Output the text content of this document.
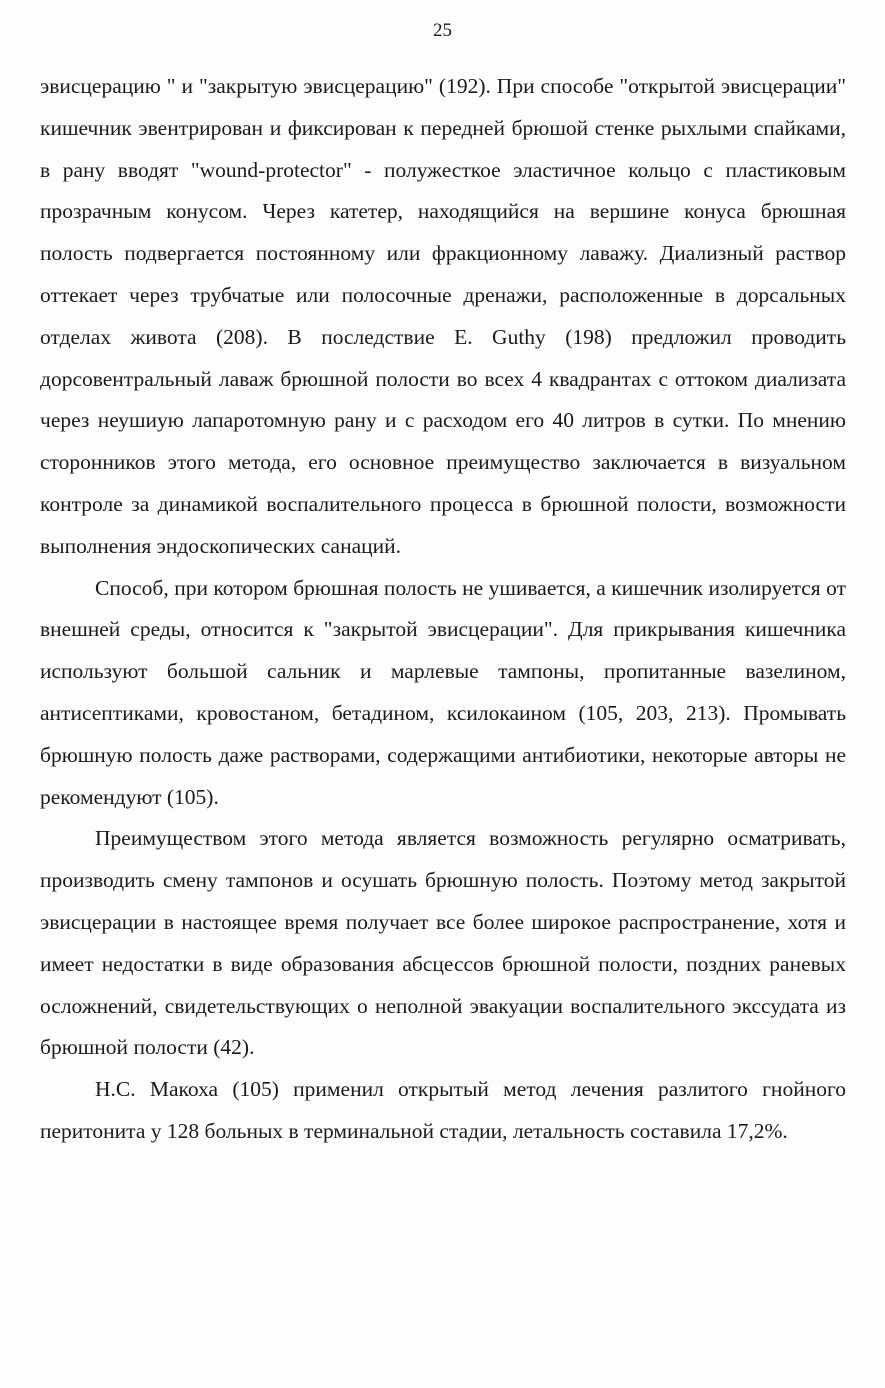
25

эвисцерацию " и "закрытую эвисцерацию" (192). При способе "открытой эвисцерации" кишечник эвентрирован и фиксирован к передней брюшой стенке рыхлыми спайками, в рану вводят "wound-protector" - полужесткое эластичное кольцо с пластиковым прозрачным конусом. Через катетер, находящийся на вершине конуса брюшная полость подвергается постоянному или фракционному лаважу. Диализный раствор оттекает через трубчатые или полосочные дренажи, расположенные в дорсальных отделах живота (208). В последствие E. Guthy (198) предложил проводить дорсовентральный лаваж брюшной полости во всех 4 квадрантах с оттоком диализата через неушиую лапаротомную рану и с расходом его 40 литров в сутки. По мнению сторонников этого метода, его основное преимущество заключается в визуальном контроле за динамикой воспалительного процесса в брюшной полости, возможности выполнения эндоскопических санаций.

Способ, при котором брюшная полость не ушивается, а кишечник изолируется от внешней среды, относится к "закрытой эвисцерации". Для прикрывания кишечника используют большой сальник и марлевые тампоны, пропитанные вазелином, антисептиками, кровостаном, бетадином, ксилокаином (105, 203, 213). Промывать брюшную полость даже растворами, содержащими антибиотики, некоторые авторы не рекомендуют (105).

Преимуществом этого метода является возможность регулярно осматривать, производить смену тампонов и осушать брюшную полость. Поэтому метод закрытой эвисцерации в настоящее время получает все более широкое распространение, хотя и имеет недостатки в виде образования абсцессов брюшной полости, поздних раневых осложнений, свидетельствующих о неполной эвакуации воспалительного экссудата из брюшной полости (42).

Н.С. Макоха (105) применил открытый метод лечения разлитого гнойного перитонита у 128 больных в терминальной стадии, летальность составила 17,2%.
